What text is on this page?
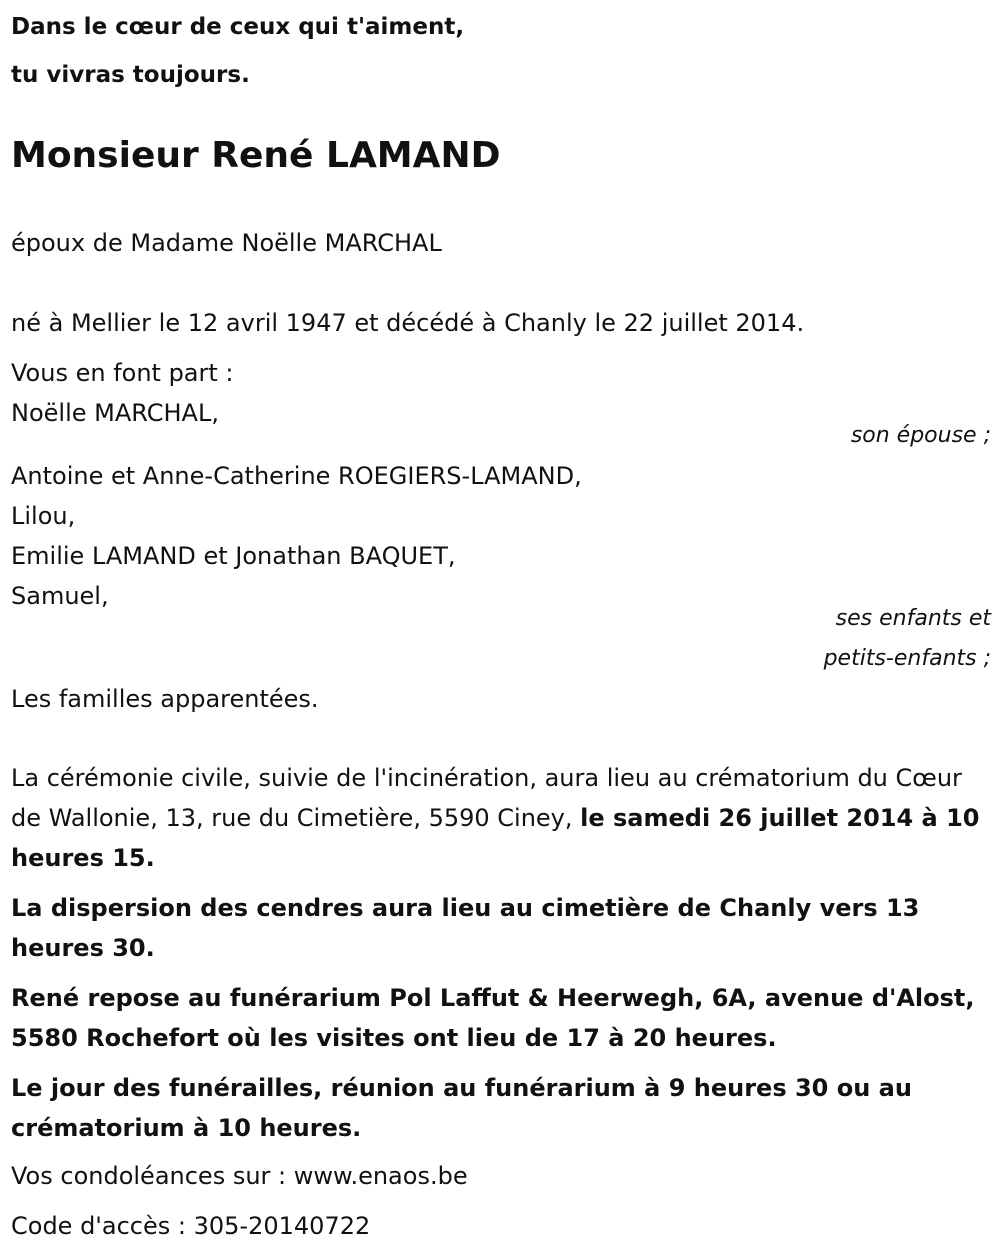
Dans le cœur de ceux qui t'aiment,

tu vivras toujours.

Monsieur René LAMAND

époux de Madame Noëlle MARCHAL

né à Mellier le 12 avril 1947 et décédé à Chanly le 22 juillet 2014.

Vous en font part :

Noëlle MARCHAL,

son épouse ;

Antoine et Anne-Catherine ROEGIERS-LAMAND,

Lilou,

Emilie LAMAND et Jonathan BAQUET,

Samuel,

ses enfants et
petits-enfants ;

Les familles apparentées.

La cérémonie civile, suivie de l'incinération, aura lieu au crématorium du Cœur de Wallonie, 13, rue du Cimetière, 5590 Ciney, le samedi 26 juillet 2014 à 10 heures 15.

La dispersion des cendres aura lieu au cimetière de Chanly vers 13 heures 30.

René repose au funérarium Pol Laffut & Heerwegh, 6A, avenue d'Alost, 5580 Rochefort où les visites ont lieu de 17 à 20 heures.

Le jour des funérailles, réunion au funérarium à 9 heures 30 ou au crématorium à 10 heures.

Vos condoléances sur : www.enaos.be

Code d'accès : 305-20140722
